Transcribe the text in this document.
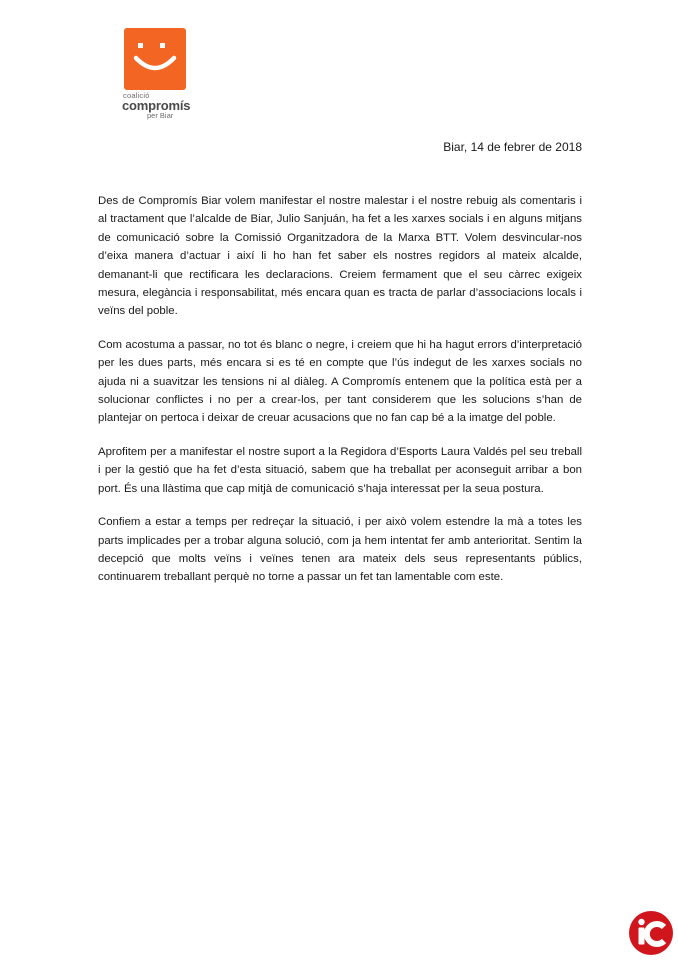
coalició
compromís
per Biar
Biar, 14 de febrer de 2018

Des de Compromís Biar volem manifestar el nostre malestar i el nostre rebuig als comentaris i al tractament que l’alcalde de Biar, Julio Sanjuán, ha fet a les xarxes socials i en alguns mitjans de comunicació sobre la Comissió Organitzadora de la Marxa BTT. Volem desvincular-nos d’eixa manera d’actuar i així li ho han fet saber els nostres regidors al mateix alcalde, demanant-li que rectificara les declaracions. Creiem fermament que el seu càrrec exigeix mesura, elegància i responsabilitat, més encara quan es tracta de parlar d’associacions locals i veïns del poble.

Com acostuma a passar, no tot és blanc o negre, i creiem que hi ha hagut errors d’interpretació per les dues parts, més encara si es té en compte que l’ús indegut de les xarxes socials no ajuda ni a suavitzar les tensions ni al diàleg. A Compromís entenem que la política està per a solucionar conflictes i no per a crear-los, per tant considerem que les solucions s’han de plantejar on pertoca i deixar de creuar acusacions que no fan cap bé a la imatge del poble.

Aprofitem per a manifestar el nostre suport a la Regidora d’Esports Laura Valdés pel seu treball i per la gestió que ha fet d’esta situació, sabem que ha treballat per aconseguit arribar a bon port. És una llàstima que cap mitjà de comunicació s’haja interessat per la seua postura.

Confiem a estar a temps per redreçar la situació, i per això volem estendre la mà a totes les parts implicades per a trobar alguna solució, com ja hem intentat fer amb anterioritat. Sentim la decepció que molts veïns i veïnes tenen ara mateix dels seus representants públics, continuarem treballant perquè no torne a passar un fet tan lamentable com este.
